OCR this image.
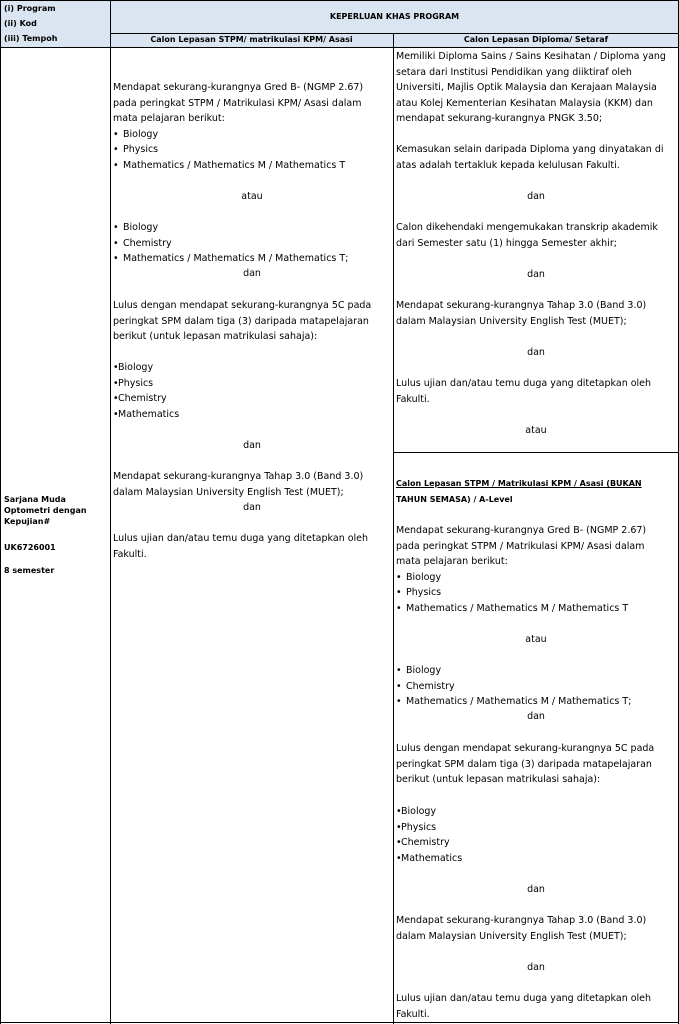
(i) Program
(ii) Kod
(iii) Tempoh
KEPERLUAN KHAS PROGRAM
Calon Lepasan STPM/ matrikulasi KPM/ Asasi	Calon Lepasan Diploma/ Setaraf
Sarjana Muda
Optometri dengan
Kepujian#
UK6726001
8 semester
Mendapat sekurang-kurangnya Gred B- (NGMP 2.67)
pada peringkat STPM / Matrikulasi KPM/ Asasi dalam
mata pelajaran berikut:
• Biology
• Physics
• Mathematics / Mathematics M / Mathematics T
atau
• Biology
• Chemistry
• Mathematics / Mathematics M / Mathematics T;
dan
Lulus dengan mendapat sekurang-kurangnya 5C pada
peringkat SPM dalam tiga (3) daripada matapelajaran
berikut (untuk lepasan matrikulasi sahaja):
• Biology
• Physics
• Chemistry
• Mathematics
dan
Mendapat sekurang-kurangnya Tahap 3.0 (Band 3.0)
dalam Malaysian University English Test (MUET);
dan
Lulus ujian dan/atau temu duga yang ditetapkan oleh
Fakulti.
Memiliki Diploma Sains / Sains Kesihatan / Diploma yang
setara dari Institusi Pendidikan yang diiktiraf oleh
Universiti, Majlis Optik Malaysia dan Kerajaan Malaysia
atau Kolej Kementerian Kesihatan Malaysia (KKM) dan
mendapat sekurang-kurangnya PNGK 3.50;
Kemasukan selain daripada Diploma yang dinyatakan di
atas adalah tertakluk kepada kelulusan Fakulti.
dan
Calon dikehendaki mengemukakan transkrip akademik
dari Semester satu (1) hingga Semester akhir;
dan
Mendapat sekurang-kurangnya Tahap 3.0 (Band 3.0)
dalam Malaysian University English Test (MUET);
dan
Lulus ujian dan/atau temu duga yang ditetapkan oleh
Fakulti.
atau
Calon Lepasan STPM / Matrikulasi KPM / Asasi (BUKAN
TAHUN SEMASA) / A-Level
Mendapat sekurang-kurangnya Gred B- (NGMP 2.67)
pada peringkat STPM / Matrikulasi KPM/ Asasi dalam
mata pelajaran berikut:
• Biology
• Physics
• Mathematics / Mathematics M / Mathematics T
atau
• Biology
• Chemistry
• Mathematics / Mathematics M / Mathematics T;
dan
Lulus dengan mendapat sekurang-kurangnya 5C pada
peringkat SPM dalam tiga (3) daripada matapelajaran
berikut (untuk lepasan matrikulasi sahaja):
• Biology
• Physics
• Chemistry
• Mathematics
dan
Mendapat sekurang-kurangnya Tahap 3.0 (Band 3.0)
dalam Malaysian University English Test (MUET);
dan
Lulus ujian dan/atau temu duga yang ditetapkan oleh
Fakulti.
